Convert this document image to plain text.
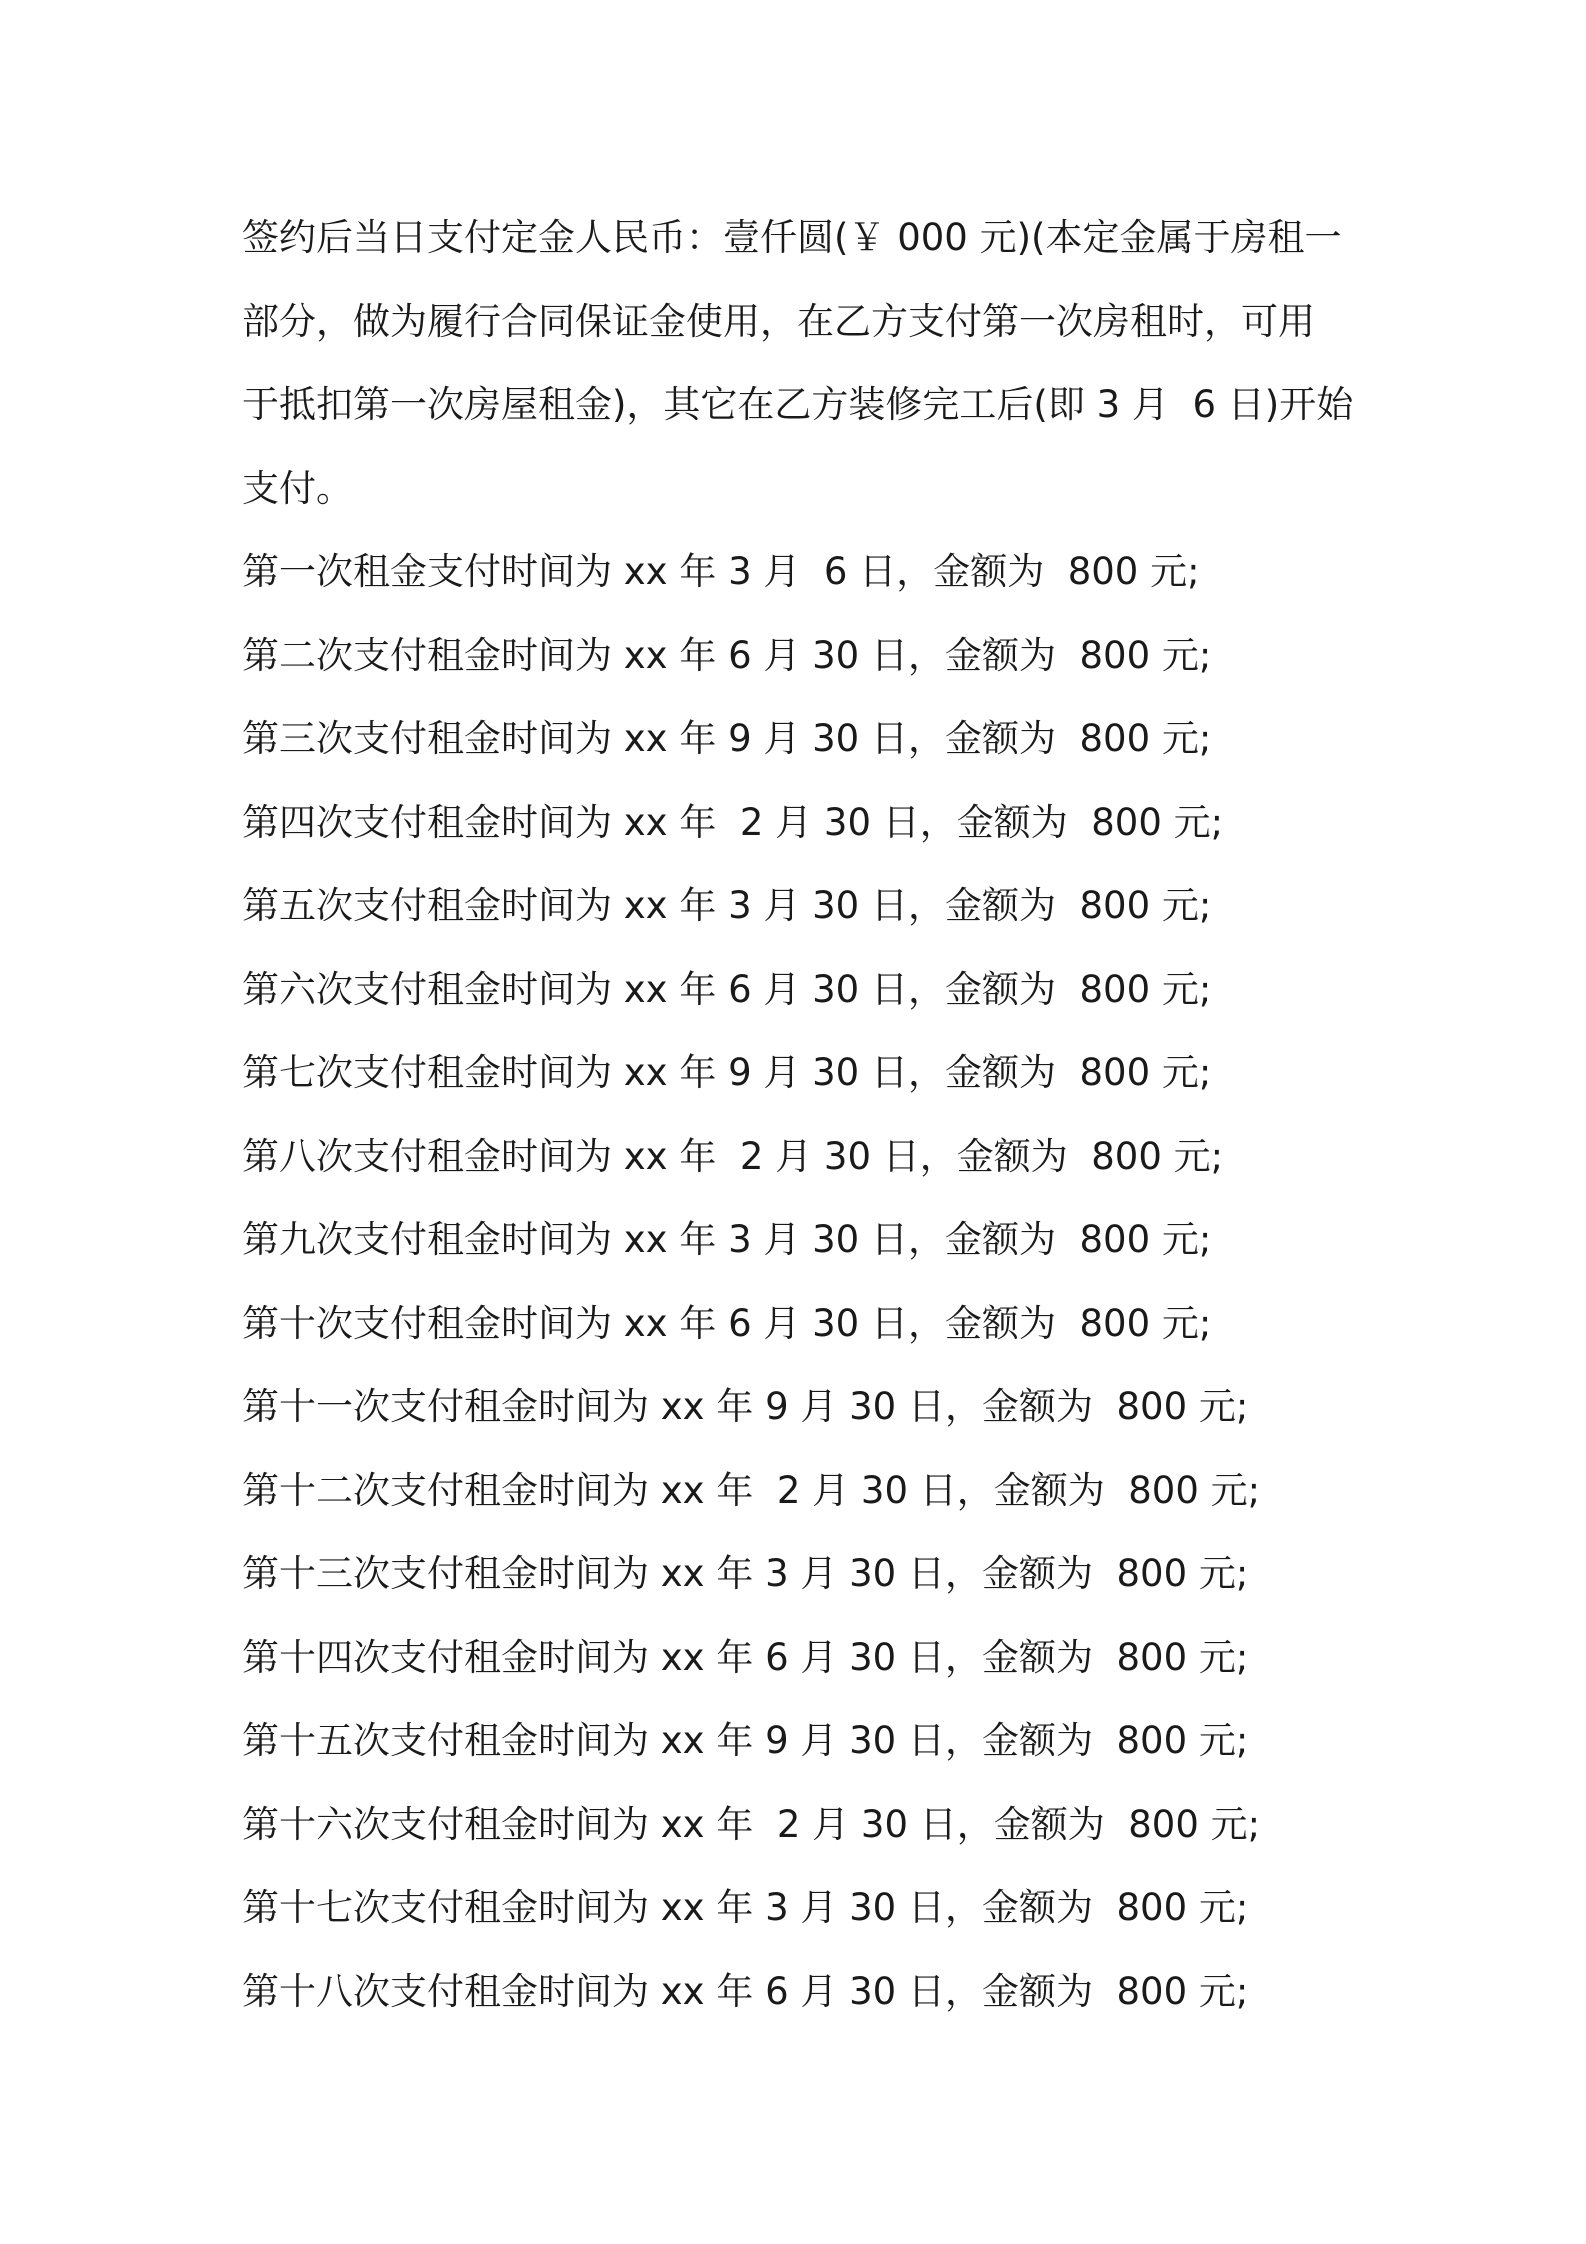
签约后当日支付定金人民币：壹仟圆(￥ 000 元)(本定金属于房租一

部分，做为履行合同保证金使用，在乙方支付第一次房租时，可用

于抵扣第一次房屋租金)，其它在乙方装修完工后(即 3 月  6 日)开始

支付。

第一次租金支付时间为 xx 年 3 月  6 日，金额为  800 元;

第二次支付租金时间为 xx 年 6 月 30 日，金额为  800 元;

第三次支付租金时间为 xx 年 9 月 30 日，金额为  800 元;

第四次支付租金时间为 xx 年  2 月 30 日，金额为  800 元;

第五次支付租金时间为 xx 年 3 月 30 日，金额为  800 元;

第六次支付租金时间为 xx 年 6 月 30 日，金额为  800 元;

第七次支付租金时间为 xx 年 9 月 30 日，金额为  800 元;

第八次支付租金时间为 xx 年  2 月 30 日，金额为  800 元;

第九次支付租金时间为 xx 年 3 月 30 日，金额为  800 元;

第十次支付租金时间为 xx 年 6 月 30 日，金额为  800 元;

第十一次支付租金时间为 xx 年 9 月 30 日，金额为  800 元;

第十二次支付租金时间为 xx 年  2 月 30 日，金额为  800 元;

第十三次支付租金时间为 xx 年 3 月 30 日，金额为  800 元;

第十四次支付租金时间为 xx 年 6 月 30 日，金额为  800 元;

第十五次支付租金时间为 xx 年 9 月 30 日，金额为  800 元;

第十六次支付租金时间为 xx 年  2 月 30 日，金额为  800 元;

第十七次支付租金时间为 xx 年 3 月 30 日，金额为  800 元;

第十八次支付租金时间为 xx 年 6 月 30 日，金额为  800 元;
